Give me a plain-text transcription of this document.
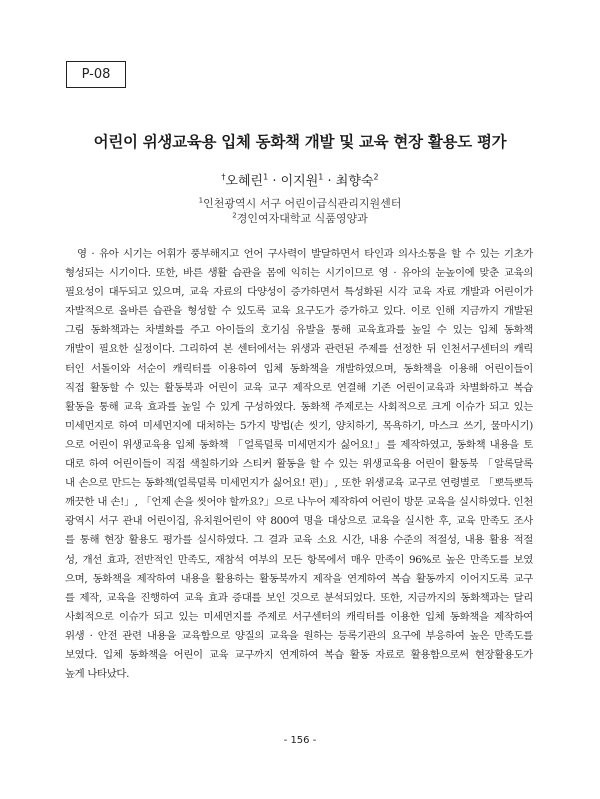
P-08
어린이 위생교육용 입체 동화책 개발 및 교육 현장 활용도 평가
†오혜린$^1$ · 이지원$^1$ · 최향숙$^2$
$^1$인천광역시 서구 어린이급식관리지원센터
$^2$경인여자대학교 식품영양과
영 · 유아 시기는 어휘가 풍부해지고 언어 구사력이 발달하면서 타인과 의사소통을 할 수 있는 기초가
형성되는 시기이다. 또한, 바른 생활 습관을 몸에 익히는 시기이므로 영 · 유아의 눈높이에 맞춘 교육의
필요성이 대두되고 있으며, 교육 자료의 다양성이 증가하면서 특성화된 시각 교육 자료 개발과 어린이가
자발적으로 올바른 습관을 형성할 수 있도록 교육 요구도가 증가하고 있다. 이로 인해 지금까지 개발된
그림 동화책과는 차별화를 주고 아이들의 호기심 유발을 통해 교육효과를 높일 수 있는 입체 동화책
개발이 필요한 실정이다. 그리하여 본 센터에서는 위생과 관련된 주제를 선정한 뒤 인천서구센터의 캐릭
터인 서돌이와 서순이 캐릭터를 이용하여 입체 동화책을 개발하였으며, 동화책을 이용해 어린이들이
직접 활동할 수 있는 활동북과 어린이 교육 교구 제작으로 연결해 기존 어린이교육과 차별화하고 복습
활동을 통해 교육 효과를 높일 수 있게 구성하였다. 동화책 주제로는 사회적으로 크게 이슈가 되고 있는
미세먼지로 하여 미세먼지에 대처하는 5가지 방법(손 씻기, 양치하기, 목욕하기, 마스크 쓰기, 물마시기)
으로 어린이 위생교육용 입체 동화책 「얼룩덜룩 미세먼지가 싫어요!」를 제작하였고, 동화책 내용을 토
대로 하여 어린이들이 직접 색칠하기와 스티커 활동을 할 수 있는 위생교육용 어린이 활동북 「알록달록
내 손으로 만드는 동화책(얼룩덜룩 미세먼지가 싫어요! 편)」, 또한 위생교육 교구로 연령별로 「뽀득뽀득
깨끗한 내 손!」, 「언제 손을 씻어야 할까요?」으로 나누어 제작하여 어린이 방문 교육을 실시하였다. 인천
광역시 서구 관내 어린이집, 유치원어린이 약 800여 명을 대상으로 교육을 실시한 후, 교육 만족도 조사
를 통해 현장 활용도 평가를 실시하였다. 그 결과 교육 소요 시간, 내용 수준의 적절성, 내용 활용 적절
성, 개선 효과, 전반적인 만족도, 재참석 여부의 모든 항목에서 매우 만족이 96%로 높은 만족도를 보였
으며, 동화책을 제작하여 내용을 활용하는 활동북까지 제작을 연계하여 복습 활동까지 이어지도록 교구
를 제작, 교육을 진행하여 교육 효과 증대를 보인 것으로 분석되었다. 또한, 지금까지의 동화책과는 달리
사회적으로 이슈가 되고 있는 미세먼지를 주제로 서구센터의 캐릭터를 이용한 입체 동화책을 제작하여
위생 · 안전 관련 내용을 교육함으로 양질의 교육을 원하는 등록기관의 요구에 부응하여 높은 만족도를
보였다. 입체 동화책을 어린이 교육 교구까지 연계하여 복습 활동 자료로 활용함으로써 현장활용도가
높게 나타났다.
- 156 -
